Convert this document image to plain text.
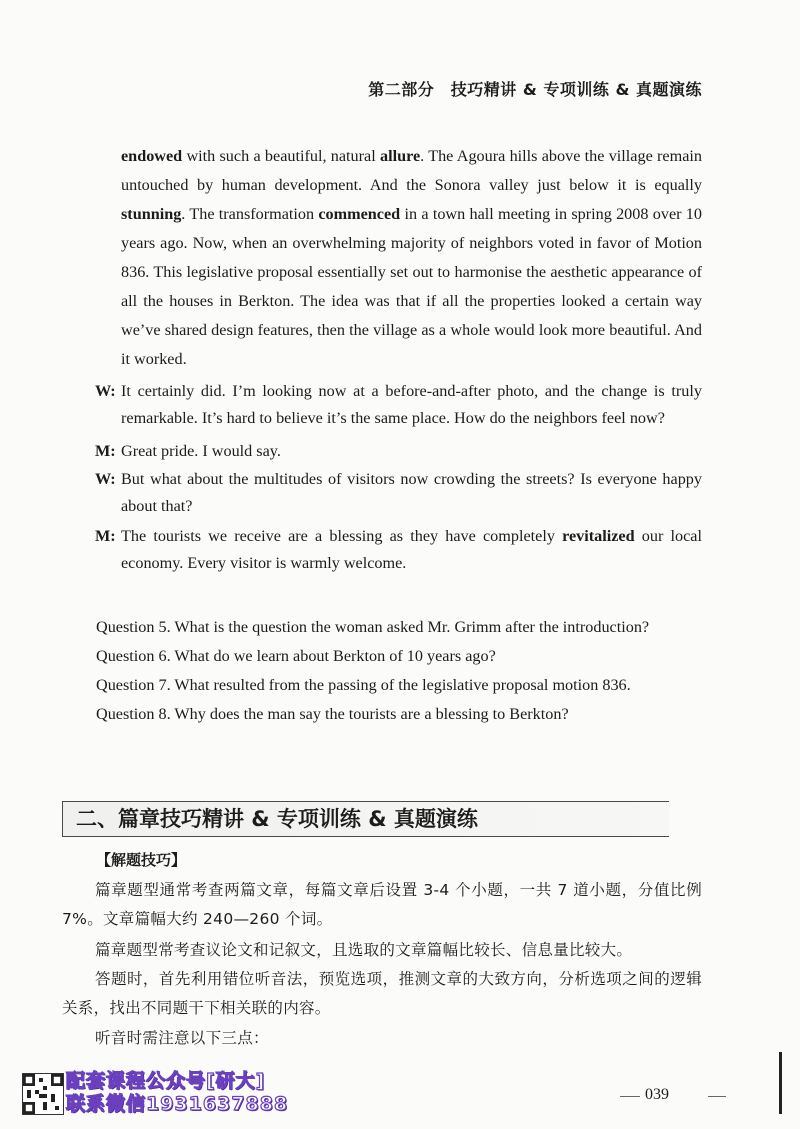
第二部分　技巧精讲 & 专项训练 & 真题演练
endowed with such a beautiful, natural allure. The Agoura hills above the village remain untouched by human development. And the Sonora valley just below it is equally stunning. The transformation commenced in a town hall meeting in spring 2008 over 10 years ago. Now, when an overwhelming majority of neighbors voted in favor of Motion 836. This legislative proposal essentially set out to harmonise the aesthetic appearance of all the houses in Berkton. The idea was that if all the properties looked a certain way we’ve shared design features, then the village as a whole would look more beautiful. And it worked.
W: It certainly did. I’m looking now at a before-and-after photo, and the change is truly remarkable. It’s hard to believe it’s the same place. How do the neighbors feel now?
M: Great pride. I would say.
W: But what about the multitudes of visitors now crowding the streets? Is everyone happy about that?
M: The tourists we receive are a blessing as they have completely revitalized our local economy. Every visitor is warmly welcome.
Question 5. What is the question the woman asked Mr. Grimm after the introduction?
Question 6. What do we learn about Berkton of 10 years ago?
Question 7. What resulted from the passing of the legislative proposal motion 836.
Question 8. Why does the man say the tourists are a blessing to Berkton?
二、篇章技巧精讲 & 专项训练 & 真题演练
【解题技巧】
篇章题型通常考查两篇文章，每篇文章后设置 3-4 个小题，一共 7 道小题，分值比例 7%。文章篇幅大约 240—260 个词。
篇章题型常考查议论文和记叙文，且选取的文章篇幅比较长、信息量比较大。
答题时，首先利用错位听音法，预览选项，推测文章的大致方向，分析选项之间的逻辑关系，找出不同题干下相关联的内容。
听音时需注意以下三点：
配套课程公众号[研大]
联系微信1931637888	039
